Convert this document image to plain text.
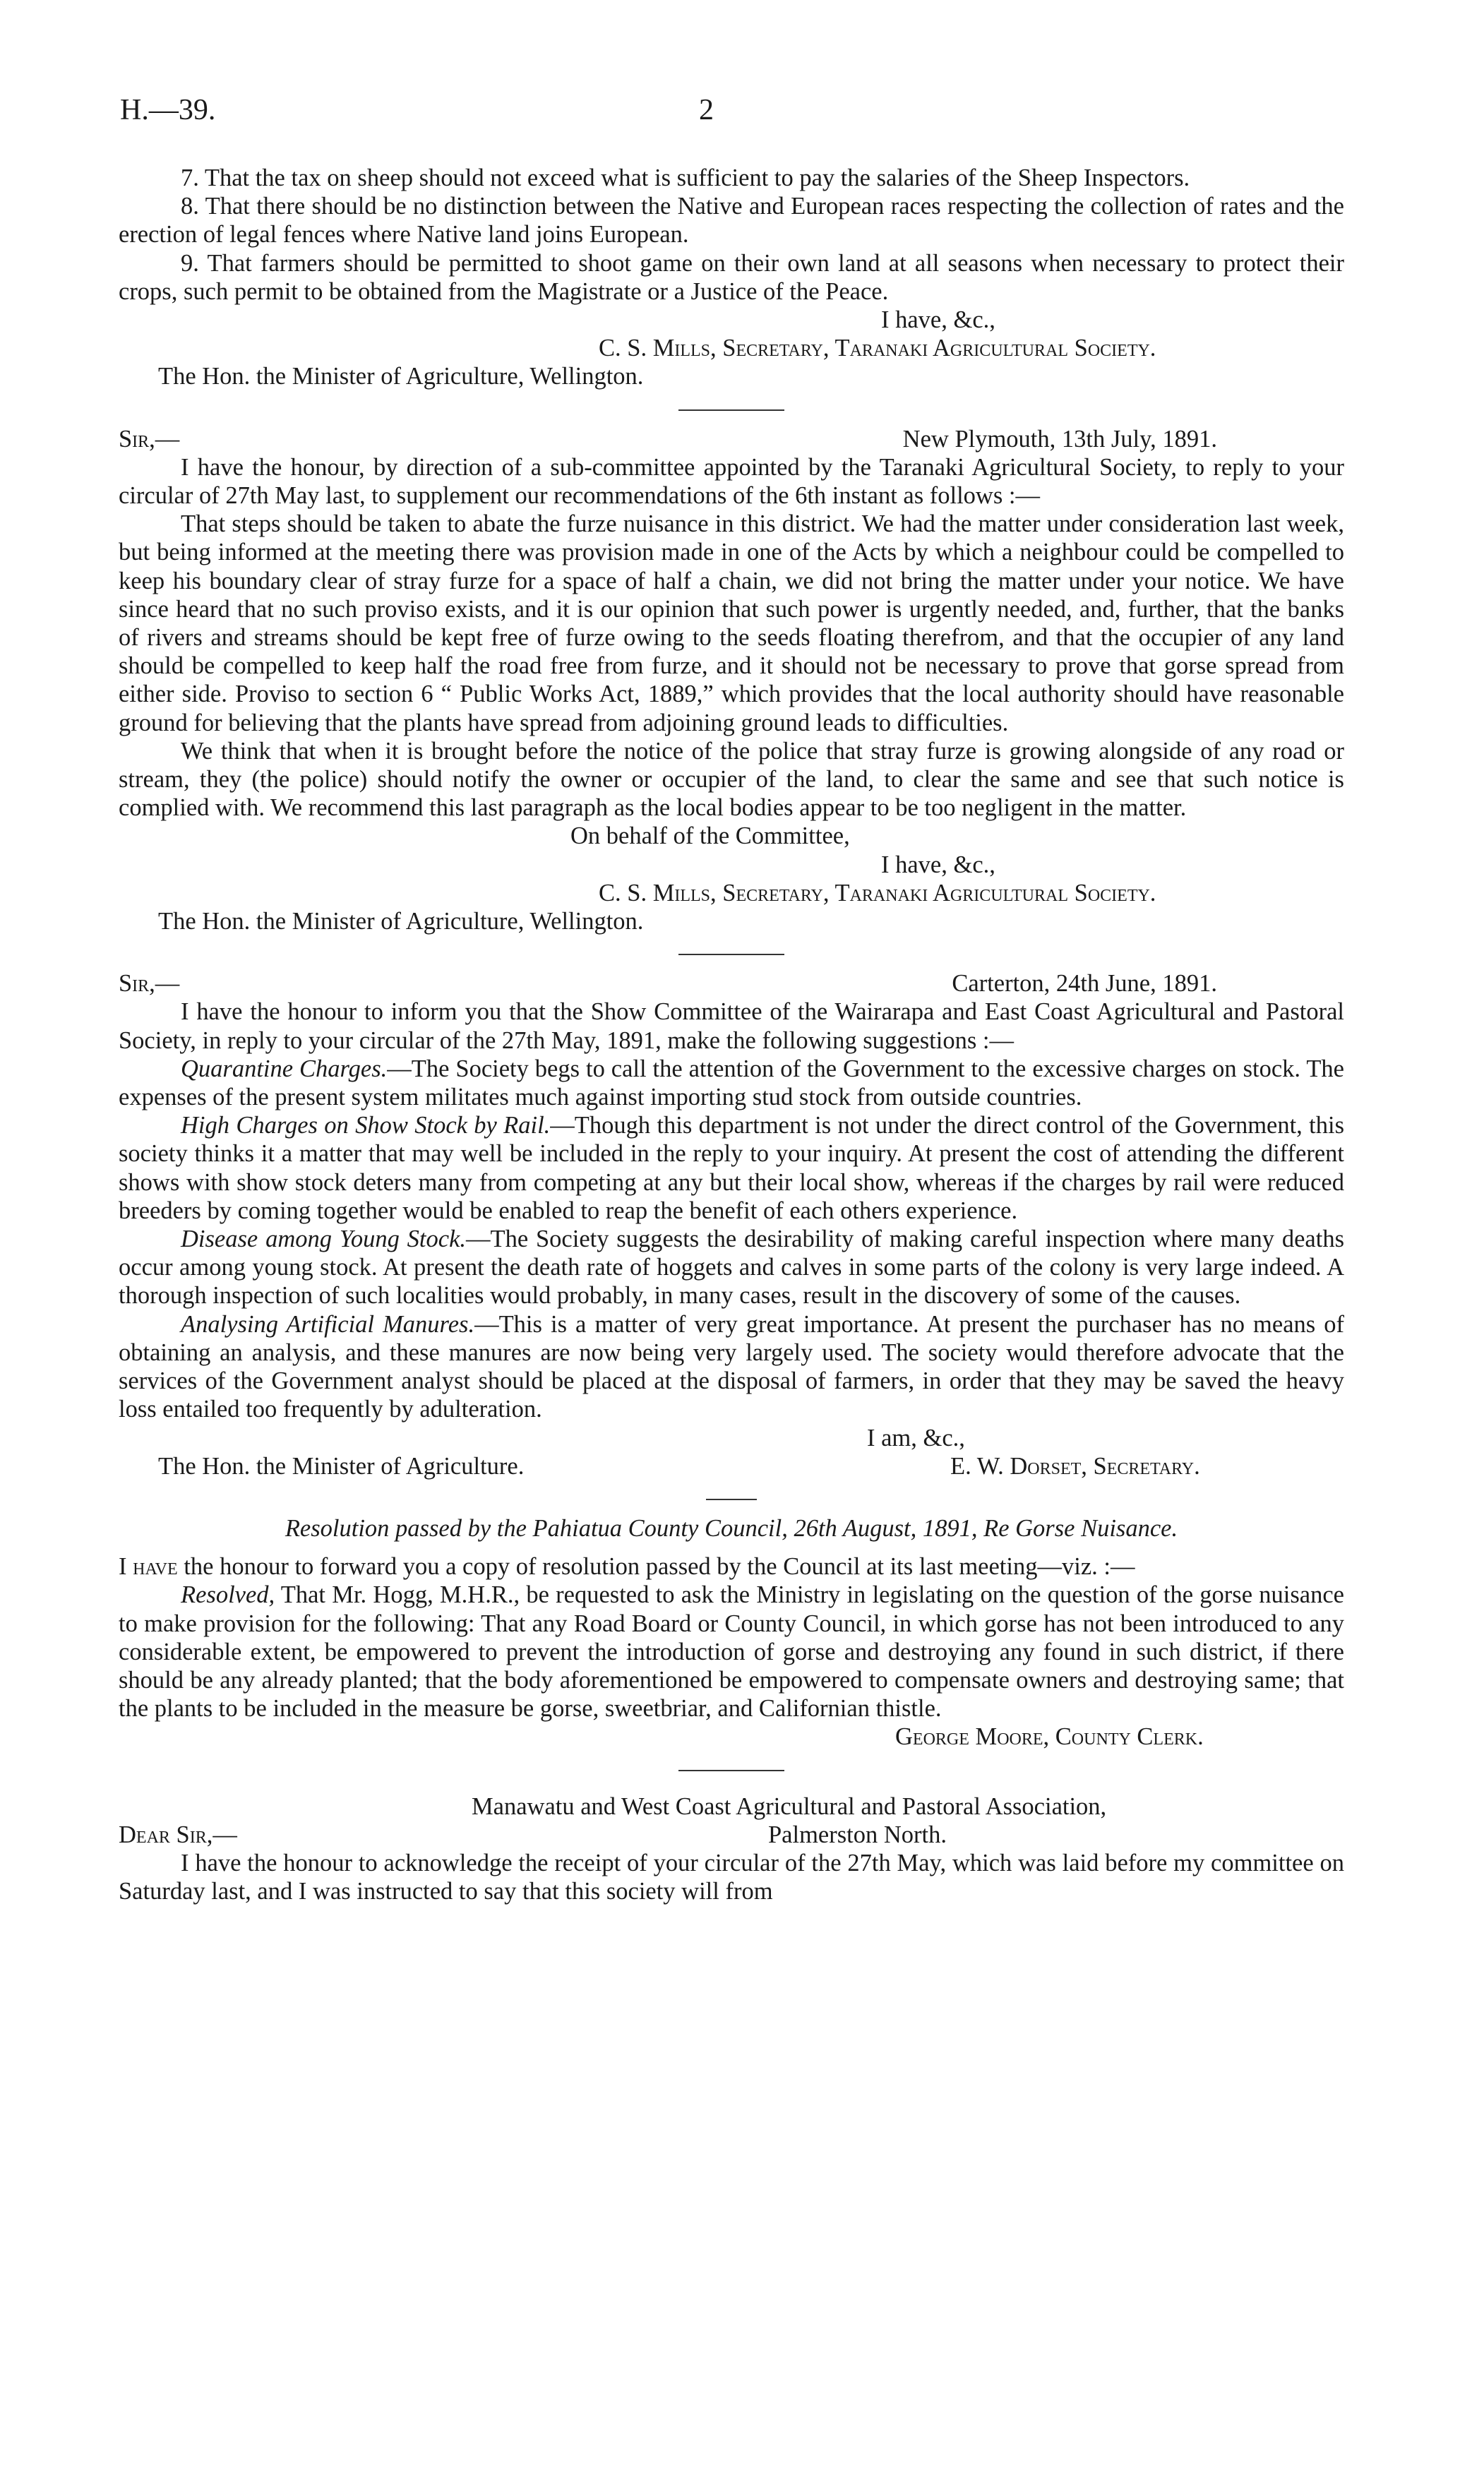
H.—39.	2

7. That the tax on sheep should not exceed what is sufficient to pay the salaries of the Sheep Inspectors.

8. That there should be no distinction between the Native and European races respecting the collection of rates and the erection of legal fences where Native land joins European.

9. That farmers should be permitted to shoot game on their own land at all seasons when necessary to protect their crops, such permit to be obtained from the Magistrate or a Justice of the Peace.

I have, &c.,

C. S. Mills, Secretary, Taranaki Agricultural Society.

The Hon. the Minister of Agriculture, Wellington.

Sir,—	New Plymouth, 13th July, 1891.

I have the honour, by direction of a sub-committee appointed by the Taranaki Agricultural Society, to reply to your circular of 27th May last, to supplement our recommendations of the 6th instant as follows :—

That steps should be taken to abate the furze nuisance in this district. We had the matter under consideration last week, but being informed at the meeting there was provision made in one of the Acts by which a neighbour could be compelled to keep his boundary clear of stray furze for a space of half a chain, we did not bring the matter under your notice. We have since heard that no such proviso exists, and it is our opinion that such power is urgently needed, and, further, that the banks of rivers and streams should be kept free of furze owing to the seeds floating therefrom, and that the occupier of any land should be compelled to keep half the road free from furze, and it should not be necessary to prove that gorse spread from either side. Proviso to section 6 “ Public Works Act, 1889,” which provides that the local authority should have reasonable ground for believing that the plants have spread from adjoining ground leads to difficulties.

We think that when it is brought before the notice of the police that stray furze is growing alongside of any road or stream, they (the police) should notify the owner or occupier of the land, to clear the same and see that such notice is complied with. We recommend this last paragraph as the local bodies appear to be too negligent in the matter.

On behalf of the Committee,

I have, &c.,

C. S. Mills, Secretary, Taranaki Agricultural Society.

The Hon. the Minister of Agriculture, Wellington.

Sir,—	Carterton, 24th June, 1891.

I have the honour to inform you that the Show Committee of the Wairarapa and East Coast Agricultural and Pastoral Society, in reply to your circular of the 27th May, 1891, make the following suggestions :—

Quarantine Charges.—The Society begs to call the attention of the Government to the excessive charges on stock. The expenses of the present system militates much against importing stud stock from outside countries.

High Charges on Show Stock by Rail.—Though this department is not under the direct control of the Government, this society thinks it a matter that may well be included in the reply to your inquiry. At present the cost of attending the different shows with show stock deters many from competing at any but their local show, whereas if the charges by rail were reduced breeders by coming together would be enabled to reap the benefit of each others experience.

Disease among Young Stock.—The Society suggests the desirability of making careful inspection where many deaths occur among young stock. At present the death rate of hoggets and calves in some parts of the colony is very large indeed. A thorough inspection of such localities would probably, in many cases, result in the discovery of some of the causes.

Analysing Artificial Manures.—This is a matter of very great importance. At present the purchaser has no means of obtaining an analysis, and these manures are now being very largely used. The society would therefore advocate that the services of the Government analyst should be placed at the disposal of farmers, in order that they may be saved the heavy loss entailed too frequently by adulteration.

I am, &c.,

The Hon. the Minister of Agriculture.	E. W. Dorset, Secretary.

Resolution passed by the Pahiatua County Council, 26th August, 1891, Re Gorse Nuisance.

I have the honour to forward you a copy of resolution passed by the Council at its last meeting—viz. :—

Resolved, That Mr. Hogg, M.H.R., be requested to ask the Ministry in legislating on the question of the gorse nuisance to make provision for the following: That any Road Board or County Council, in which gorse has not been introduced to any considerable extent, be empowered to prevent the introduction of gorse and destroying any found in such district, if there should be any already planted; that the body aforementioned be empowered to compensate owners and destroying same; that the plants to be included in the measure be gorse, sweetbriar, and Californian thistle.

George Moore, County Clerk.

Manawatu and West Coast Agricultural and Pastoral Association,

Dear Sir,—	Palmerston North.

I have the honour to acknowledge the receipt of your circular of the 27th May, which was laid before my committee on Saturday last, and I was instructed to say that this society will from
